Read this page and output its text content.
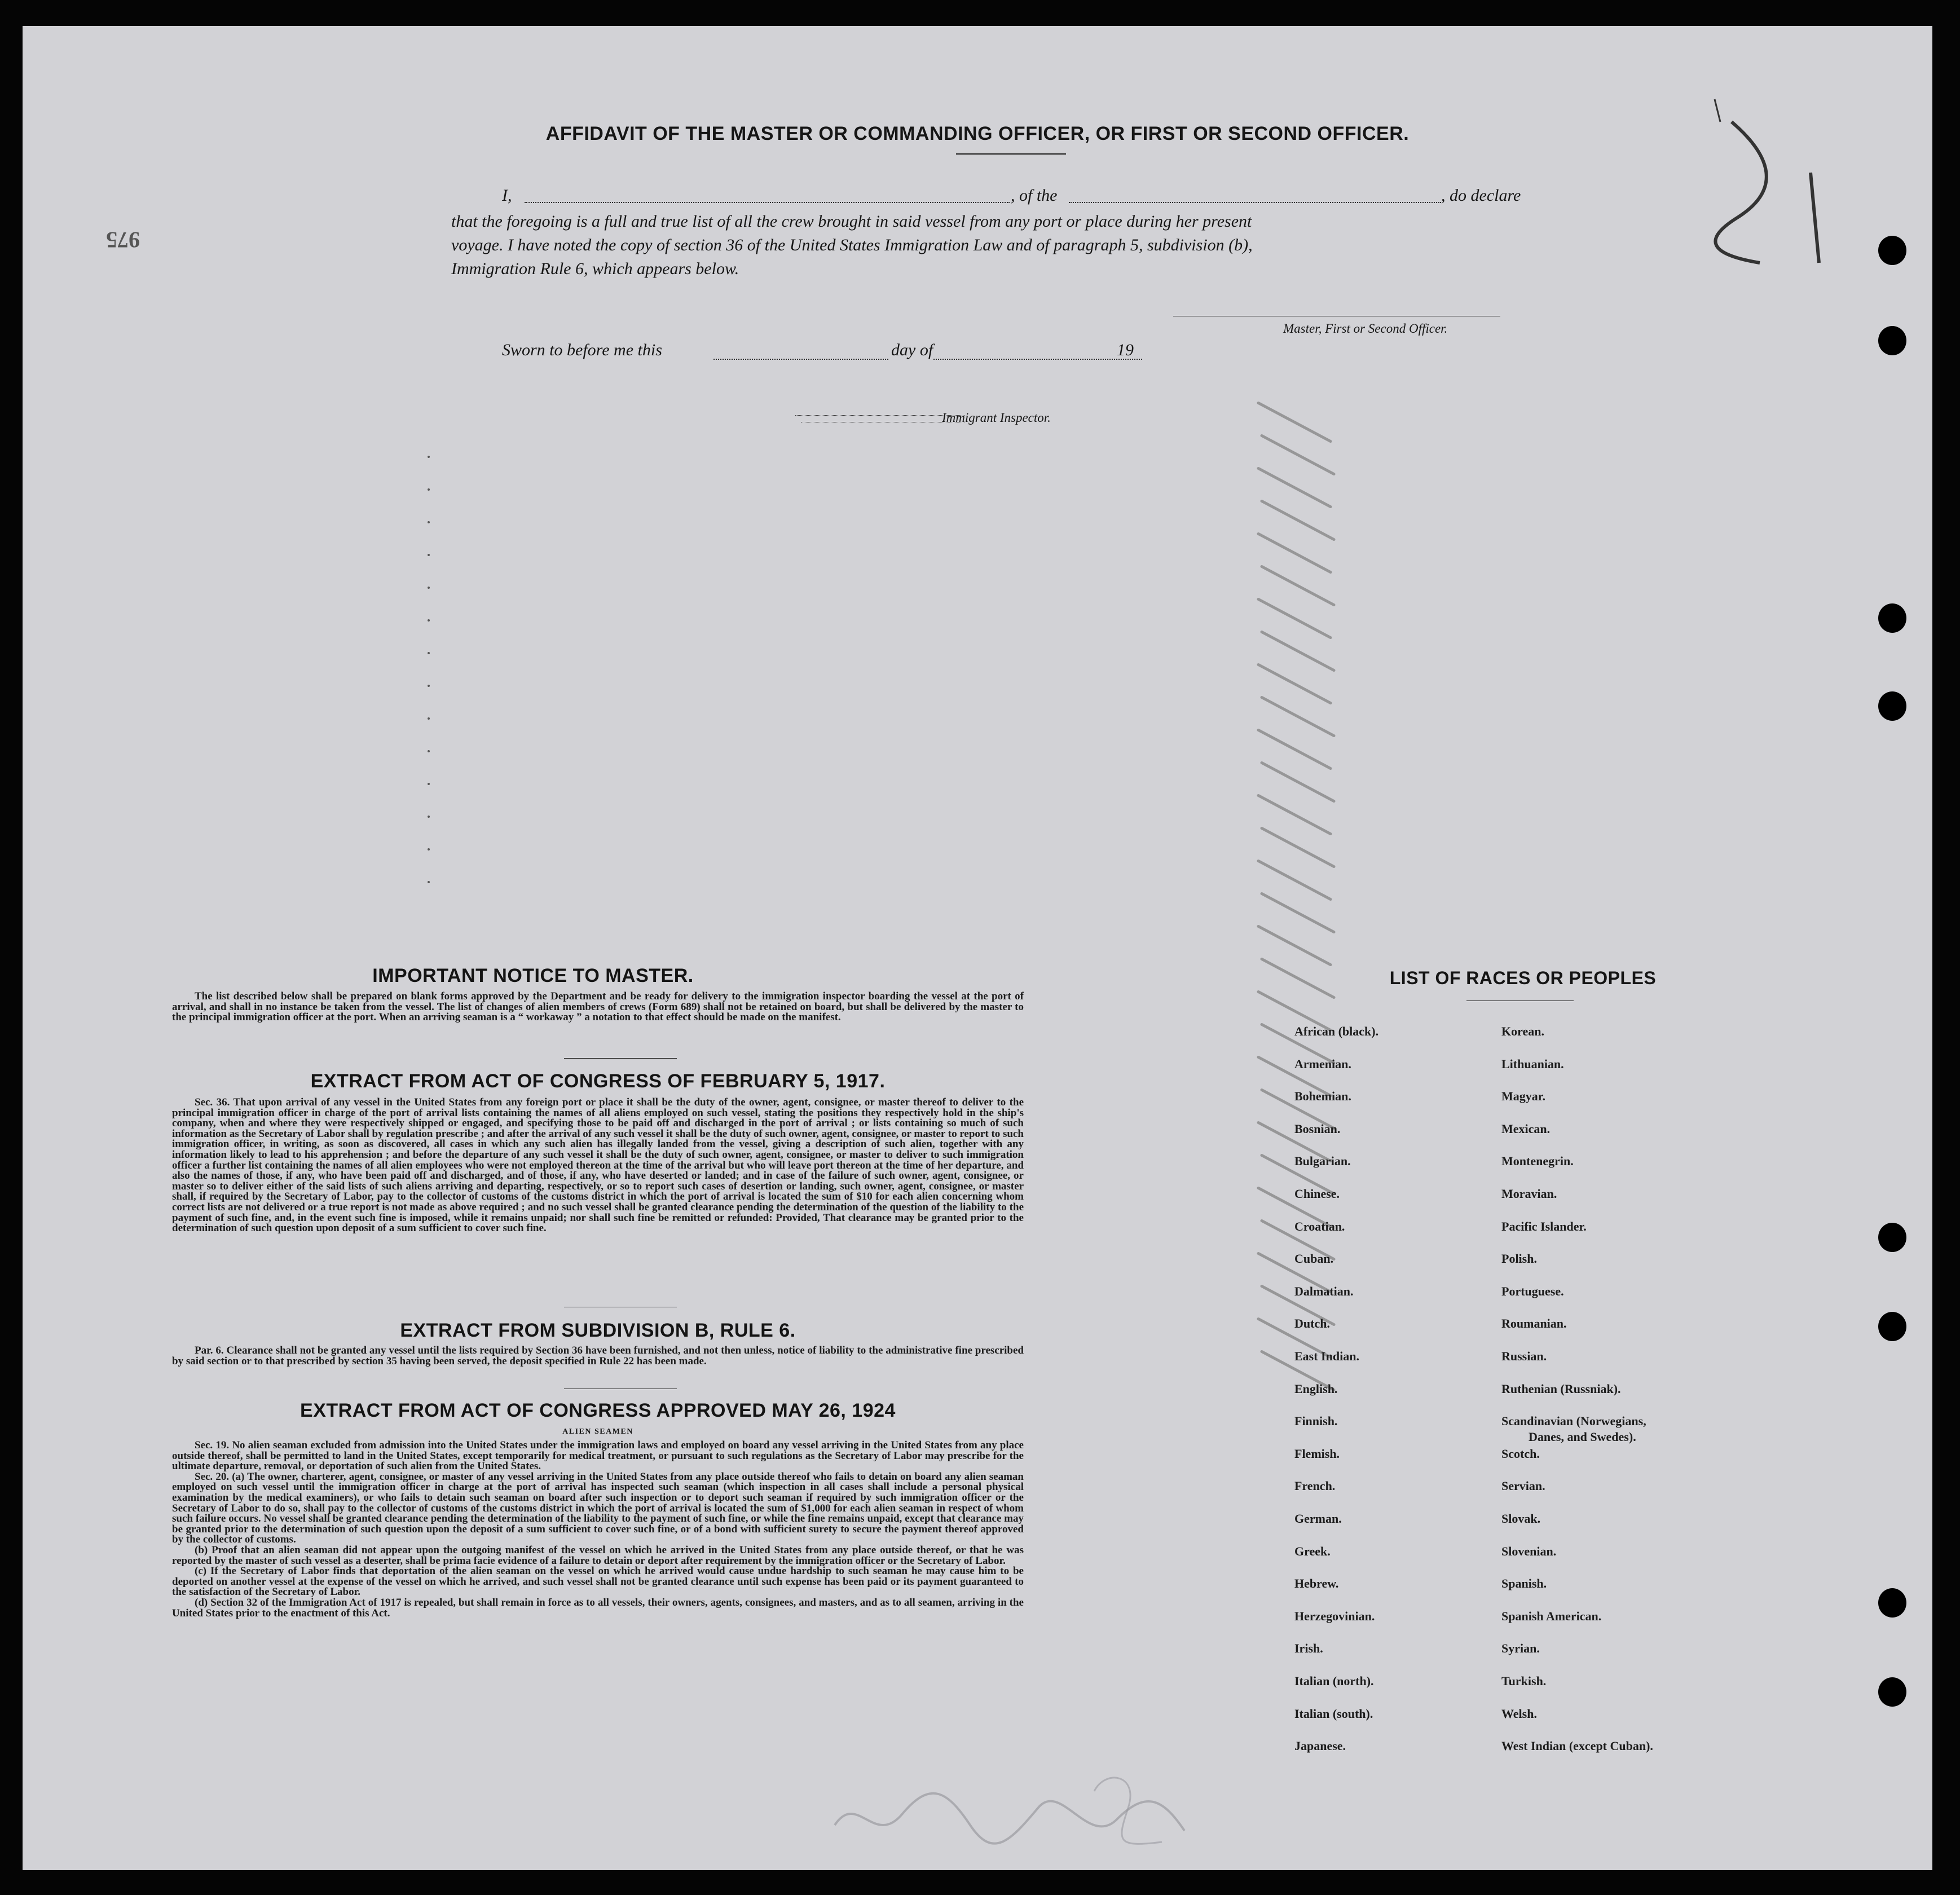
975
AFFIDAVIT OF THE MASTER OR COMMANDING OFFICER, OR FIRST OR SECOND OFFICER.
I,	, of the	, do declare
that the foregoing is a full and true list of all the crew brought in said vessel from any port or place during her present
voyage. I have noted the copy of section 36 of the United States Immigration Law and of paragraph 5, subdivision (b),
Immigration Rule 6, which appears below.
Master, First or Second Officer.
Sworn to before me this	day of	19
Immigrant Inspector.
IMPORTANT NOTICE TO MASTER.

The list described below shall be prepared on blank forms approved by the Department and be ready for delivery to the immigration inspector boarding the vessel at the port of arrival, and shall in no instance be taken from the vessel. The list of changes of alien members of crews (Form 689) shall not be retained on board, but shall be delivered by the master to the principal immigration officer at the port. When an arriving seaman is a “ workaway ” a notation to that effect should be made on the manifest.

EXTRACT FROM ACT OF CONGRESS OF FEBRUARY 5, 1917.

Sec. 36. That upon arrival of any vessel in the United States from any foreign port or place it shall be the duty of the owner, agent, consignee, or master thereof to deliver to the principal immigration officer in charge of the port of arrival lists containing the names of all aliens employed on such vessel, stating the positions they respectively hold in the ship's company, when and where they were respectively shipped or engaged, and specifying those to be paid off and discharged in the port of arrival ; or lists containing so much of such information as the Secretary of Labor shall by regulation prescribe ; and after the arrival of any such vessel it shall be the duty of such owner, agent, consignee, or master to report to such immigration officer, in writing, as soon as discovered, all cases in which any such alien has illegally landed from the vessel, giving a description of such alien, together with any information likely to lead to his apprehension ; and before the departure of any such vessel it shall be the duty of such owner, agent, consignee, or master to deliver to such immigration officer a further list containing the names of all alien employees who were not employed thereon at the time of the arrival but who will leave port thereon at the time of her departure, and also the names of those, if any, who have been paid off and discharged, and of those, if any, who have deserted or landed; and in case of the failure of such owner, agent, consignee, or master so to deliver either of the said lists of such aliens arriving and departing, respectively, or so to report such cases of desertion or landing, such owner, agent, consignee, or master shall, if required by the Secretary of Labor, pay to the collector of customs of the customs district in which the port of arrival is located the sum of $10 for each alien concerning whom correct lists are not delivered or a true report is not made as above required ; and no such vessel shall be granted clearance pending the determination of the question of the liability to the payment of such fine, and, in the event such fine is imposed, while it remains unpaid; nor shall such fine be remitted or refunded: Provided, That clearance may be granted prior to the determination of such question upon deposit of a sum sufficient to cover such fine.

EXTRACT FROM SUBDIVISION B, RULE 6.

Par. 6. Clearance shall not be granted any vessel until the lists required by Section 36 have been furnished, and not then unless, notice of liability to the administrative fine prescribed by said section or to that prescribed by section 35 having been served, the deposit specified in Rule 22 has been made.

EXTRACT FROM ACT OF CONGRESS APPROVED MAY 26, 1924
ALIEN SEAMEN

Sec. 19. No alien seaman excluded from admission into the United States under the immigration laws and employed on board any vessel arriving in the United States from any place outside thereof, shall be permitted to land in the United States, except temporarily for medical treatment, or pursuant to such regulations as the Secretary of Labor may prescribe for the ultimate departure, removal, or deportation of such alien from the United States.

Sec. 20. (a) The owner, charterer, agent, consignee, or master of any vessel arriving in the United States from any place outside thereof who fails to detain on board any alien seaman employed on such vessel until the immigration officer in charge at the port of arrival has inspected such seaman (which inspection in all cases shall include a personal physical examination by the medical examiners), or who fails to detain such seaman on board after such inspection or to deport such seaman if required by such immigration officer or the Secretary of Labor to do so, shall pay to the collector of customs of the customs district in which the port of arrival is located the sum of $1,000 for each alien seaman in respect of whom such failure occurs. No vessel shall be granted clearance pending the determination of the liability to the payment of such fine, or while the fine remains unpaid, except that clearance may be granted prior to the determination of such question upon the deposit of a sum sufficient to cover such fine, or of a bond with sufficient surety to secure the payment thereof approved by the collector of customs.

(b) Proof that an alien seaman did not appear upon the outgoing manifest of the vessel on which he arrived in the United States from any place outside thereof, or that he was reported by the master of such vessel as a deserter, shall be prima facie evidence of a failure to detain or deport after requirement by the immigration officer or the Secretary of Labor.

(c) If the Secretary of Labor finds that deportation of the alien seaman on the vessel on which he arrived would cause undue hardship to such seaman he may cause him to be deported on another vessel at the expense of the vessel on which he arrived, and such vessel shall not be granted clearance until such expense has been paid or its payment guaranteed to the satisfaction of the Secretary of Labor.

(d) Section 32 of the Immigration Act of 1917 is repealed, but shall remain in force as to all vessels, their owners, agents, consignees, and masters, and as to all seamen, arriving in the United States prior to the enactment of this Act.

LIST OF RACES OR PEOPLES
African (black).
Armenian.
Bohemian.
Bosnian.
Bulgarian.
Chinese.
Croatian.
Cuban.
Dalmatian.
Dutch.
East Indian.
English.
Finnish.
Flemish.
French.
German.
Greek.
Hebrew.
Herzegovinian.
Irish.
Italian (north).
Italian (south).
Japanese.
Korean.
Lithuanian.
Magyar.
Mexican.
Montenegrin.
Moravian.
Pacific Islander.
Polish.
Portuguese.
Roumanian.
Russian.
Ruthenian (Russniak).
Scandinavian (Norwegians,
Danes, and Swedes).
Scotch.
Servian.
Slovak.
Slovenian.
Spanish.
Spanish American.
Syrian.
Turkish.
Welsh.
West Indian (except Cuban).
